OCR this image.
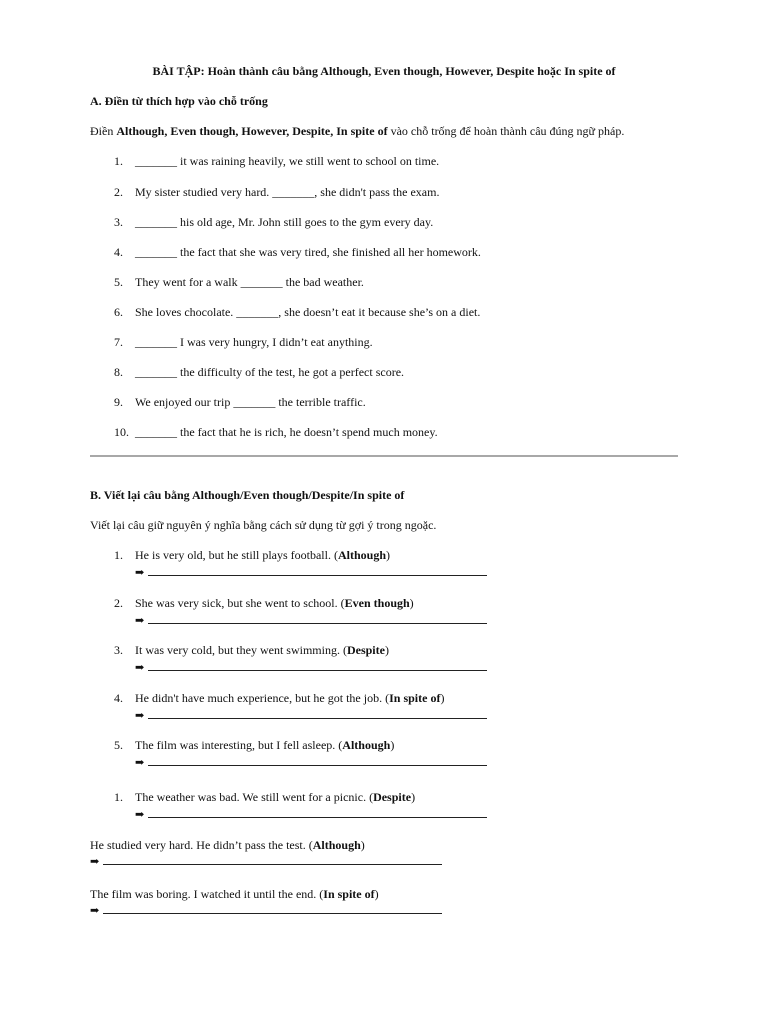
BÀI TẬP: Hoàn thành câu bằng Although, Even though, However, Despite hoặc In spite of
A. Điền từ thích hợp vào chỗ trống
Điền Although, Even though, However, Despite, In spite of vào chỗ trống để hoàn thành câu đúng ngữ pháp.
1. _______ it was raining heavily, we still went to school on time.
2. My sister studied very hard. _______, she didn't pass the exam.
3. _______ his old age, Mr. John still goes to the gym every day.
4. _______ the fact that she was very tired, she finished all her homework.
5. They went for a walk _______ the bad weather.
6. She loves chocolate. _______, she doesn’t eat it because she’s on a diet.
7. _______ I was very hungry, I didn’t eat anything.
8. _______ the difficulty of the test, he got a perfect score.
9. We enjoyed our trip _______ the terrible traffic.
10. _______ the fact that he is rich, he doesn’t spend much money.
B. Viết lại câu bằng Although/Even though/Despite/In spite of
Viết lại câu giữ nguyên ý nghĩa bằng cách sử dụng từ gợi ý trong ngoặc.
1. He is very old, but he still plays football. (Although)
➡
2. She was very sick, but she went to school. (Even though)
➡
3. It was very cold, but they went swimming. (Despite)
➡
4. He didn't have much experience, but he got the job. (In spite of)
➡
5. The film was interesting, but I fell asleep. (Although)
➡
1. The weather was bad. We still went for a picnic. (Despite)
➡
He studied very hard. He didn’t pass the test. (Although)
➡
The film was boring. I watched it until the end. (In spite of)
➡
